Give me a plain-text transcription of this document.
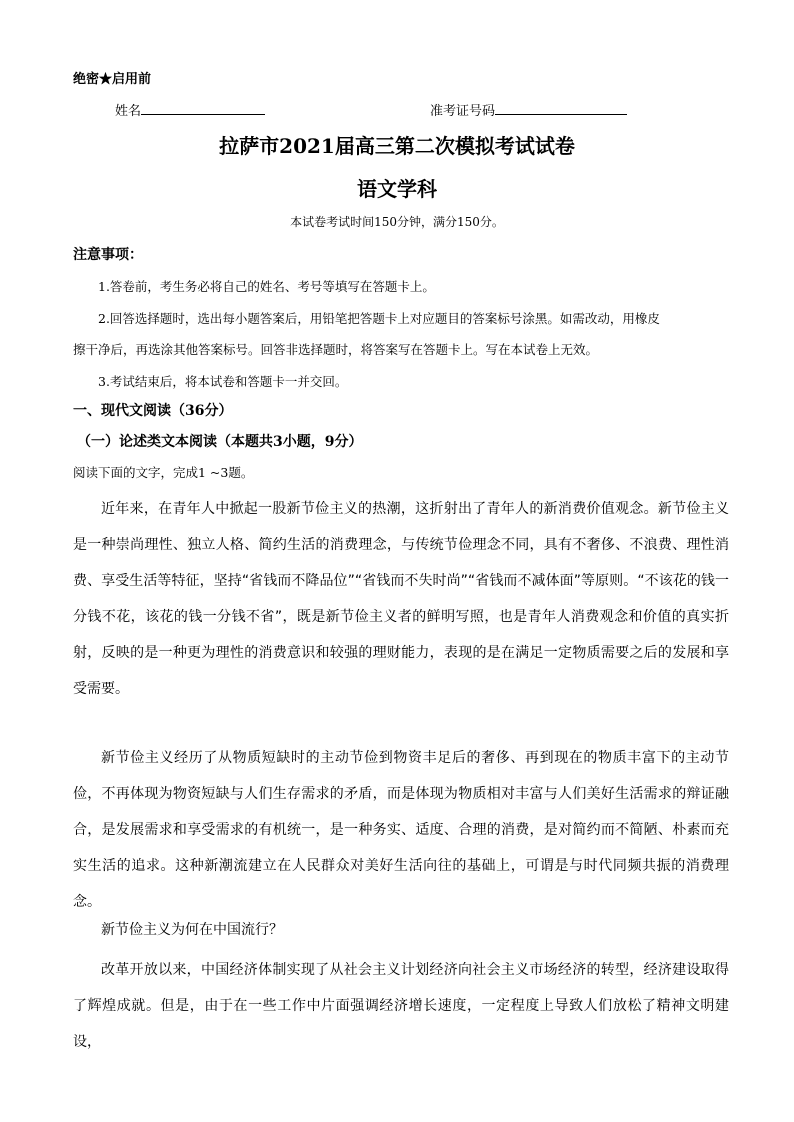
绝密★启用前
姓名	准考证号码
拉萨市2021届高三第二次模拟考试试卷
语文学科
本试卷考试时间150分钟，满分150分。
注意事项：
1.答卷前，考生务必将自己的姓名、考号等填写在答题卡上。
2.回答选择题时，选出每小题答案后，用铅笔把答题卡上对应题目的答案标号涂黑。如需改动，用橡皮
擦干净后，再选涂其他答案标号。回答非选择题时，将答案写在答题卡上。写在本试卷上无效。
3.考试结束后，将本试卷和答题卡一并交回。
一、现代文阅读（36分）
（一）论述类文本阅读（本题共3小题，9分）
阅读下面的文字，完成1 ~3题。
近年来，在青年人中掀起一股新节俭主义的热潮，这折射出了青年人的新消费价值观念。新节俭主义是一种崇尚理性、独立人格、简约生活的消费理念，与传统节俭理念不同，具有不奢侈、不浪费、理性消费、享受生活等特征，坚持“省钱而不降品位”“省钱而不失时尚”“省钱而不减体面”等原则。“不该花的钱一分钱不花，该花的钱一分钱不省”，既是新节俭主义者的鲜明写照，也是青年人消费观念和价值的真实折射，反映的是一种更为理性的消费意识和较强的理财能力，表现的是在满足一定物质需要之后的发展和享受需要。
新节俭主义经历了从物质短缺时的主动节俭到物资丰足后的奢侈、再到现在的物质丰富下的主动节俭，不再体现为物资短缺与人们生存需求的矛盾，而是体现为物质相对丰富与人们美好生活需求的辩证融合，是发展需求和享受需求的有机统一，是一种务实、适度、合理的消费，是对简约而不简陋、朴素而充实生活的追求。这种新潮流建立在人民群众对美好生活向往的基础上，可谓是与时代同频共振的消费理念。
新节俭主义为何在中国流行？
改革开放以来，中国经济体制实现了从社会主义计划经济向社会主义市场经济的转型，经济建设取得了辉煌成就。但是，由于在一些工作中片面强调经济增长速度，一定程度上导致人们放松了精神文明建设，
